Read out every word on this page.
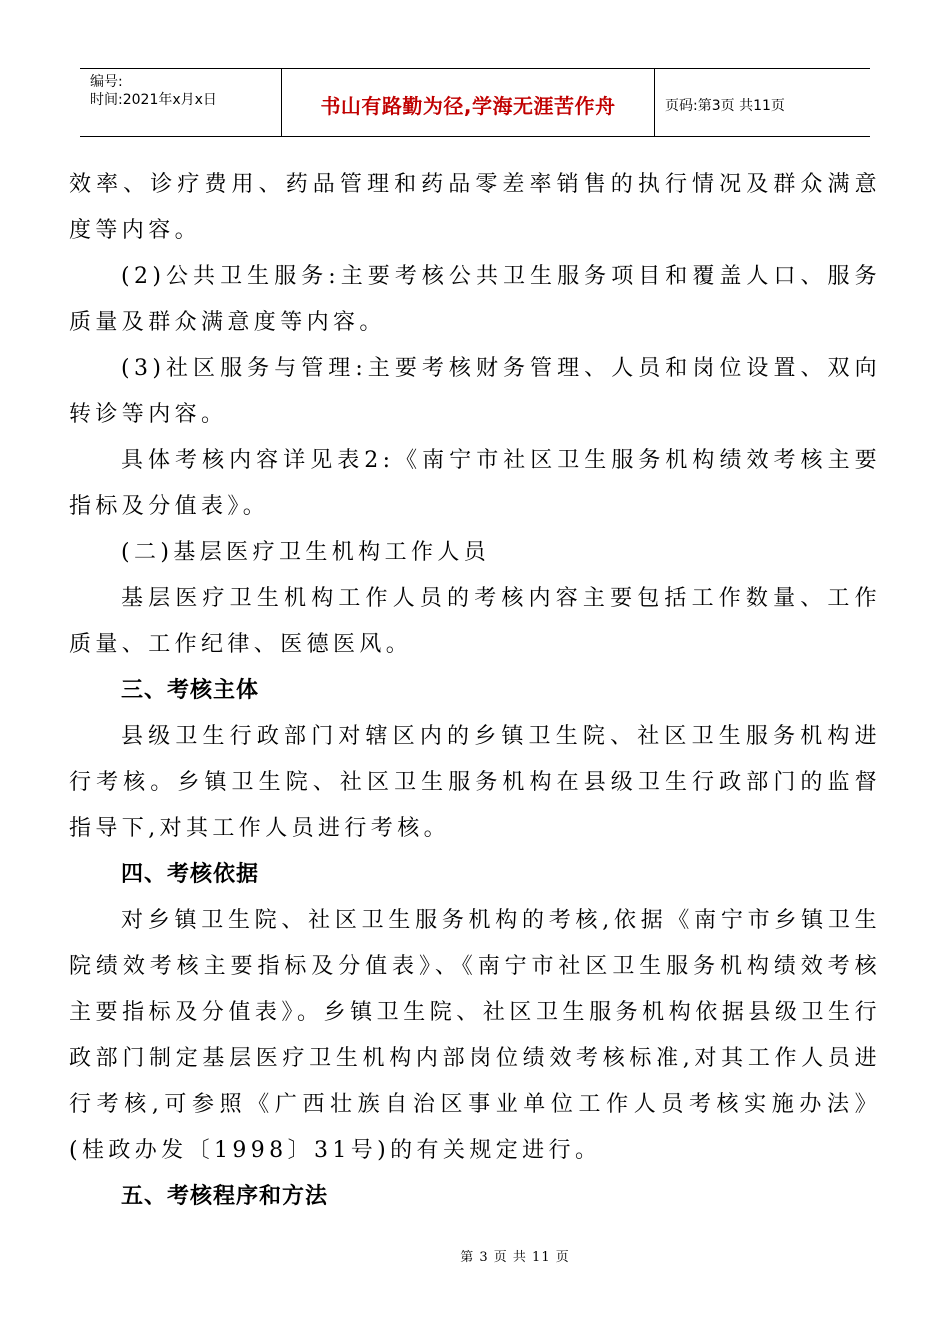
编号:
时间:2021年x月x日	书山有路勤为径,学海无涯苦作舟	页码:第3页 共11页

效率、诊疗费用、药品管理和药品零差率销售的执行情况及群众满意度等内容。

(2)公共卫生服务:主要考核公共卫生服务项目和覆盖人口、服务质量及群众满意度等内容。

(3)社区服务与管理:主要考核财务管理、人员和岗位设置、双向转诊等内容。

具体考核内容详见表2:《南宁市社区卫生服务机构绩效考核主要指标及分值表》。

(二)基层医疗卫生机构工作人员

基层医疗卫生机构工作人员的考核内容主要包括工作数量、工作质量、工作纪律、医德医风。

三、考核主体

县级卫生行政部门对辖区内的乡镇卫生院、社区卫生服务机构进行考核。乡镇卫生院、社区卫生服务机构在县级卫生行政部门的监督指导下,对其工作人员进行考核。

四、考核依据

对乡镇卫生院、社区卫生服务机构的考核,依据《南宁市乡镇卫生院绩效考核主要指标及分值表》、《南宁市社区卫生服务机构绩效考核主要指标及分值表》。乡镇卫生院、社区卫生服务机构依据县级卫生行政部门制定基层医疗卫生机构内部岗位绩效考核标准,对其工作人员进行考核,可参照《广西壮族自治区事业单位工作人员考核实施办法》(桂政办发〔1998〕31号)的有关规定进行。

五、考核程序和方法

第 3 页 共 11 页
